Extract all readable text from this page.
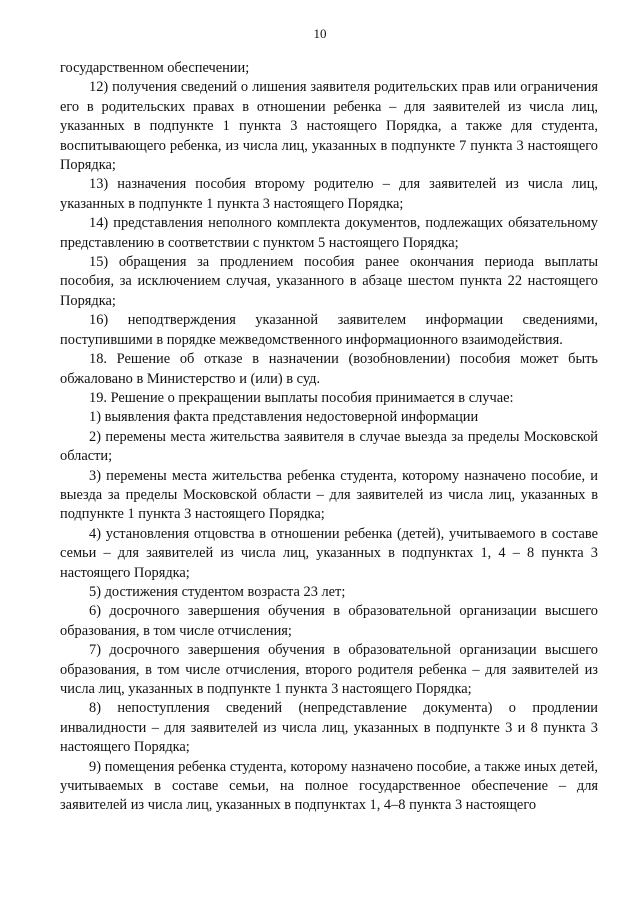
10

государственном обеспечении;

12) получения сведений о лишения заявителя родительских прав или ограничения его в родительских правах в отношении ребенка – для заявителей из числа лиц, указанных в подпункте 1 пункта 3 настоящего Порядка, а также для студента, воспитывающего ребенка, из числа лиц, указанных в подпункте 7 пункта 3 настоящего Порядка;

13) назначения пособия второму родителю – для заявителей из числа лиц, указанных в подпункте 1 пункта 3 настоящего Порядка;

14) представления неполного комплекта документов, подлежащих обязательному представлению в соответствии с пунктом 5 настоящего Порядка;

15) обращения за продлением пособия ранее окончания периода выплаты пособия, за исключением случая, указанного в абзаце шестом пункта 22 настоящего Порядка;

16) неподтверждения указанной заявителем информации сведениями, поступившими в порядке межведомственного информационного взаимодействия.

18. Решение об отказе в назначении (возобновлении) пособия может быть обжаловано в Министерство и (или) в суд.

19. Решение о прекращении выплаты пособия принимается в случае:

1) выявления факта представления недостоверной информации

2) перемены места жительства заявителя в случае выезда за пределы Московской области;

3) перемены места жительства ребенка студента, которому назначено пособие, и выезда за пределы Московской области – для заявителей из числа лиц, указанных в подпункте 1 пункта 3 настоящего Порядка;

4) установления отцовства в отношении ребенка (детей), учитываемого в составе семьи – для заявителей из числа лиц, указанных в подпунктах 1, 4 – 8 пункта 3 настоящего Порядка;

5) достижения студентом возраста 23 лет;

6) досрочного завершения обучения в образовательной организации высшего образования, в том числе отчисления;

7) досрочного завершения обучения в образовательной организации высшего образования, в том числе отчисления, второго родителя ребенка – для заявителей из числа лиц, указанных в подпункте 1 пункта 3 настоящего Порядка;

8) непоступления сведений (непредставление документа) о продлении инвалидности – для заявителей из числа лиц, указанных в подпункте 3 и 8 пункта 3 настоящего Порядка;

9) помещения ребенка студента, которому назначено пособие, а также иных детей, учитываемых в составе семьи, на полное государственное обеспечение – для заявителей из числа лиц, указанных в подпунктах 1, 4–8 пункта 3 настоящего
